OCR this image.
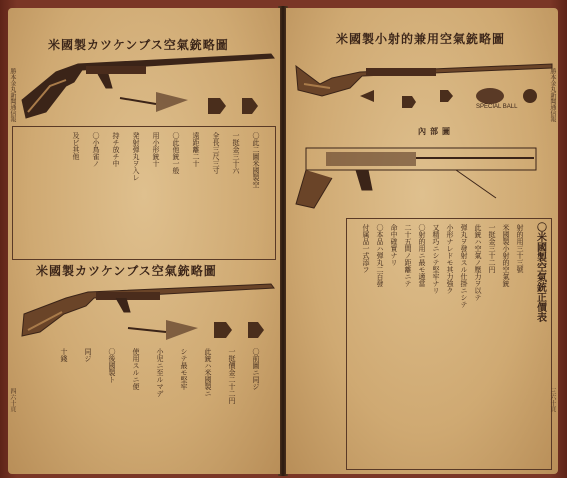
米國製カツケンブス空氣銃略圖
米國製カツケンブス空氣銃略圖
勝本金丸新聞通信報
四六十頁
〇此二圖米國製空
一挺金三十六
全長三尺三寸
遠距離二十
〇此他銃一般
用小形銃十
発射弾丸ヲ入レ
持チ放チ中
〇小鳥雀ノ
及ビ其他
〇前圖ニ同ジ
一挺價金二十二円
此銃ハ米國製ニ
シテ最モ堅牢
小児ニ至ルマデ
使用スルニ便
〇後國製ト
同ジ
十錢
米國製小射的兼用空氣銃略圖
SPECIAL BALL
內部圖
〇米國製空氣銃正價表
勝本金丸新聞通信報
三六十頁
射的用三十三號
米國製小射的空氣銃
一挺金三十二円
此銃ハ空氣ノ壓力ヲ以テ
弾丸ヲ發射スル仕掛ニシテ
小形ナレドモ其力強ク
又精巧ニシテ堅牢ナリ
〇射的用ニ最モ適當
二十五間ノ距離ニテ
命中確實ナリ
〇本品ハ弾丸二百發
付属品一式添フ
